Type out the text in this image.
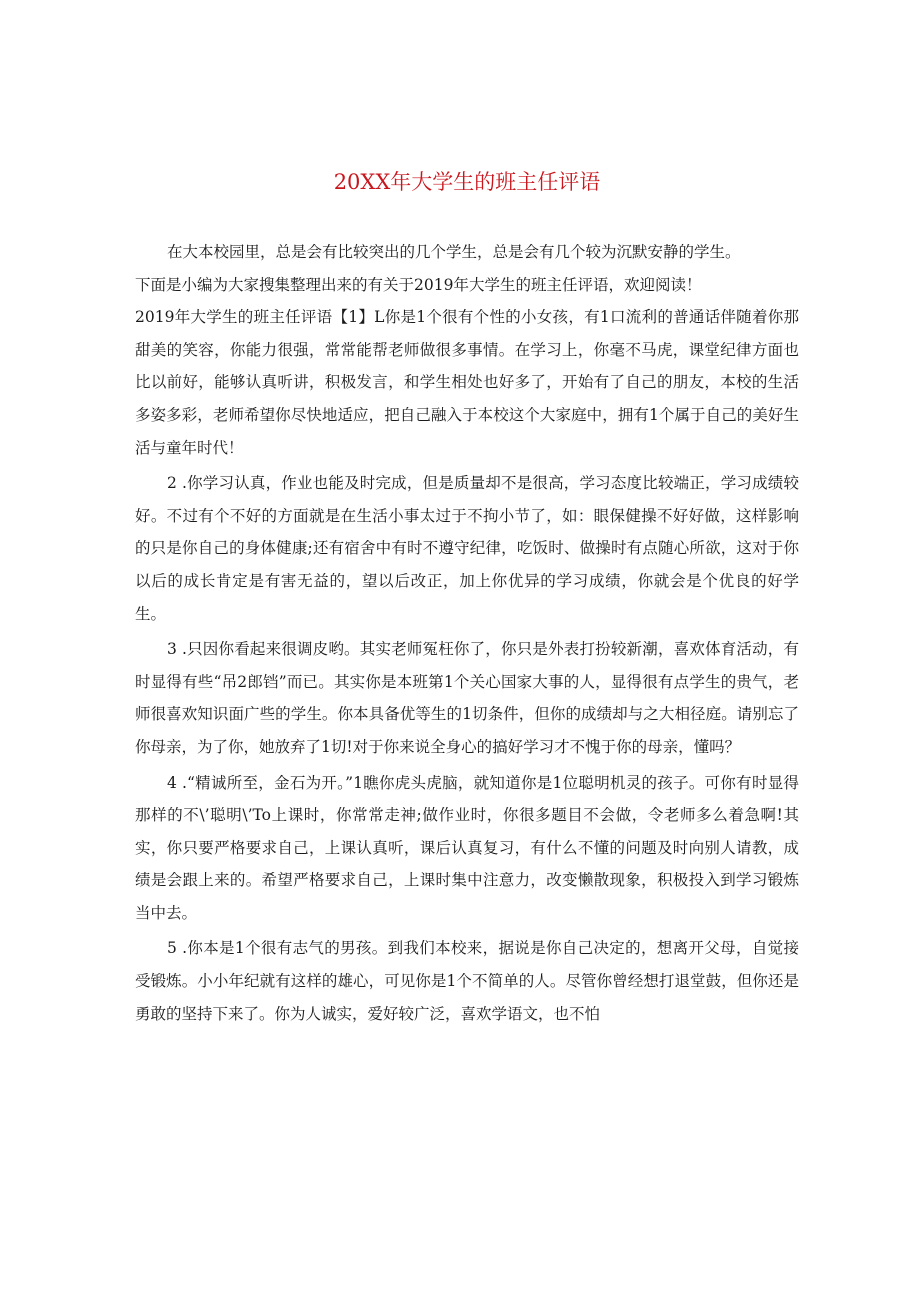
20XX年大学生的班主任评语

在大本校园里，总是会有比较突出的几个学生，总是会有几个较为沉默安静的学生。

下面是小编为大家搜集整理出来的有关于2019年大学生的班主任评语，欢迎阅读！

2019年大学生的班主任评语【1】L你是1个很有个性的小女孩，有1口流利的普通话伴随着你那甜美的笑容，你能力很强，常常能帮老师做很多事情。在学习上，你毫不马虎，课堂纪律方面也比以前好，能够认真听讲，积极发言，和学生相处也好多了，开始有了自己的朋友，本校的生活多姿多彩，老师希望你尽快地适应，把自己融入于本校这个大家庭中，拥有1个属于自己的美好生活与童年时代！

2 .你学习认真，作业也能及时完成，但是质量却不是很高，学习态度比较端正，学习成绩较好。不过有个不好的方面就是在生活小事太过于不拘小节了，如：眼保健操不好好做，这样影响的只是你自己的身体健康;还有宿舍中有时不遵守纪律，吃饭时、做操时有点随心所欲，这对于你以后的成长肯定是有害无益的，望以后改正，加上你优异的学习成绩，你就会是个优良的好学生。

3 .只因你看起来很调皮哟。其实老师冤枉你了，你只是外表打扮较新潮，喜欢体育活动，有时显得有些“吊2郎铛”而已。其实你是本班第1个关心国家大事的人，显得很有点学生的贵气，老师很喜欢知识面广些的学生。你本具备优等生的1切条件，但你的成绩却与之大相径庭。请别忘了你母亲，为了你，她放弃了1切!对于你来说全身心的搞好学习才不愧于你的母亲，懂吗？

4 .“精诚所至，金石为开。”1瞧你虎头虎脑，就知道你是1位聪明机灵的孩子。可你有时显得那样的不\’聪明\’To上课时，你常常走神;做作业时，你很多题目不会做，令老师多么着急啊!其实，你只要严格要求自己，上课认真听，课后认真复习，有什么不懂的问题及时向别人请教，成绩是会跟上来的。希望严格要求自己，上课时集中注意力，改变懒散现象，积极投入到学习锻炼当中去。

5 .你本是1个很有志气的男孩。到我们本校来，据说是你自己决定的，想离开父母，自觉接受锻炼。小小年纪就有这样的雄心，可见你是1个不简单的人。尽管你曾经想打退堂鼓，但你还是勇敢的坚持下来了。你为人诚实，爱好较广泛，喜欢学语文，也不怕
